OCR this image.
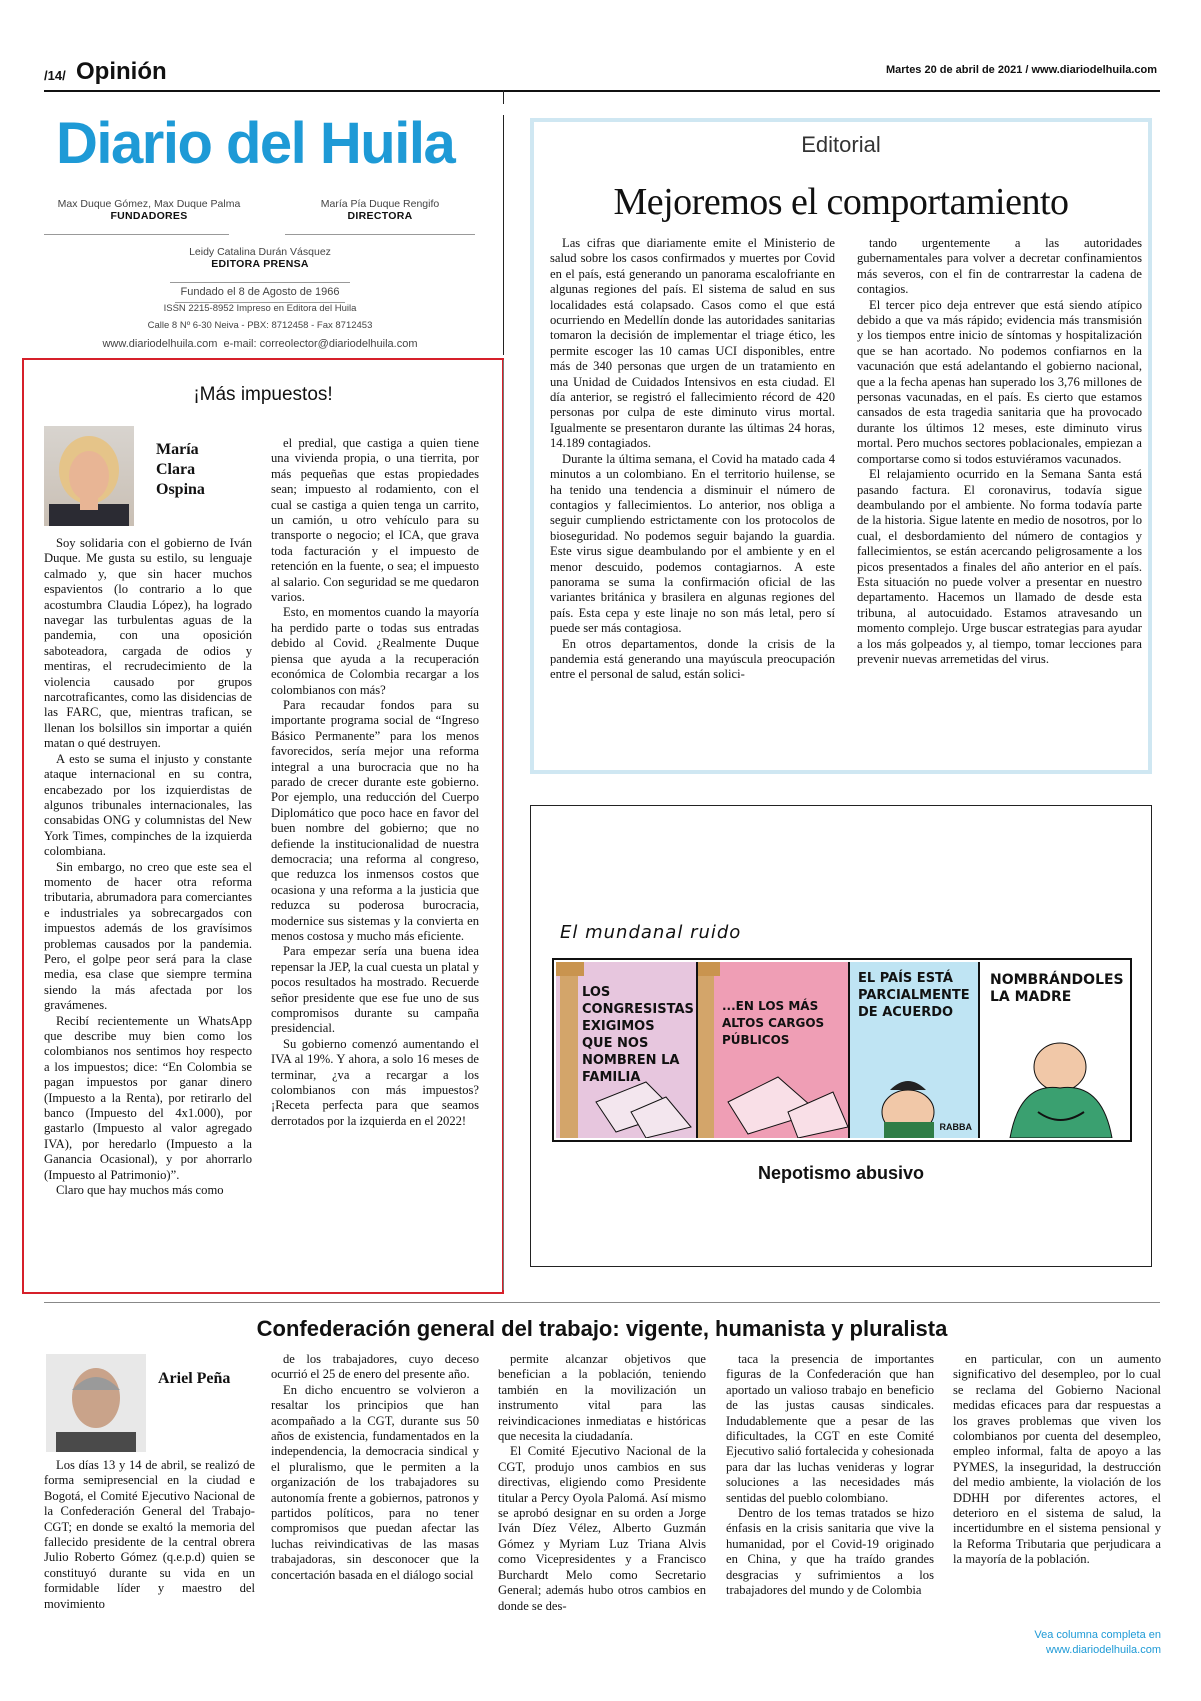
/14/ Opinión	Martes 20 de abril de 2021 / www.diariodelhuila.com
Diario del Huila
Max Duque Gómez, Max Duque Palma
FUNDADORES
María Pía Duque Rengifo
DIRECTORA
Leidy Catalina Durán Vásquez
EDITORA PRENSA
Fundado el 8 de Agosto de 1966
ISSN 2215-8952 Impreso en Editora del Huila
Calle 8 Nº 6-30 Neiva - PBX: 8712458 - Fax 8712453
www.diariodelhuila.com  e-mail: correolector@diariodelhuila.com
Editorial
Mejoremos el comportamiento

Las cifras que diariamente emite el Ministerio de salud sobre los casos confirmados y muertes por Covid en el país, está generando un panorama escalofriante en algunas regiones del país. El sistema de salud en sus localidades está colapsado. Casos como el que está ocurriendo en Medellín donde las autoridades sanitarias tomaron la decisión de implementar el triage ético, les permite escoger las 10 camas UCI disponibles, entre más de 340 personas que urgen de un tratamiento en una Unidad de Cuidados Intensivos en esta ciudad. El día anterior, se registró el fallecimiento récord de 420 personas por culpa de este diminuto virus mortal. Igualmente se presentaron durante las últimas 24 horas, 14.189 contagiados.

Durante la última semana, el Covid ha matado cada 4 minutos a un colombiano. En el territorio huilense, se ha tenido una tendencia a disminuir el número de contagios y fallecimientos. Lo anterior, nos obliga a seguir cumpliendo estrictamente con los protocolos de bioseguridad. No podemos seguir bajando la guardia. Este virus sigue deambulando por el ambiente y en el menor descuido, podemos contagiarnos. A este panorama se suma la confirmación oficial de las variantes británica y brasilera en algunas regiones del país. Esta cepa y este linaje no son más letal, pero sí puede ser más contagiosa.

En otros departamentos, donde la crisis de la pandemia está generando una mayúscula preocupación entre el personal de salud, están solici-

tando urgentemente a las autoridades gubernamentales para volver a decretar confinamientos más severos, con el fin de contrarrestar la cadena de contagios.

El tercer pico deja entrever que está siendo atípico debido a que va más rápido; evidencia más transmisión y los tiempos entre inicio de síntomas y hospitalización que se han acortado. No podemos confiarnos en la vacunación que está adelantando el gobierno nacional, que a la fecha apenas han superado los 3,76 millones de personas vacunadas, en el país. Es cierto que estamos cansados de esta tragedia sanitaria que ha provocado durante los últimos 12 meses, este diminuto virus mortal. Pero muchos sectores poblacionales, empiezan a comportarse como si todos estuviéramos vacunados.

El relajamiento ocurrido en la Semana Santa está pasando factura. El coronavirus, todavía sigue deambulando por el ambiente. No forma todavía parte de la historia. Sigue latente en medio de nosotros, por lo cual, el desbordamiento del número de contagios y fallecimientos, se están acercando peligrosamente a los picos presentados a finales del año anterior en el país. Esta situación no puede volver a presentar en nuestro departamento. Hacemos un llamado de desde esta tribuna, al autocuidado. Estamos atravesando un momento complejo. Urge buscar estrategias para ayudar a los más golpeados y, al tiempo, tomar lecciones para prevenir nuevas arremetidas del virus.

¡Más impuestos!
María Clara Ospina

Soy solidaria con el gobierno de Iván Duque. Me gusta su estilo, su lenguaje calmado y, que sin hacer muchos espavientos (lo contrario a lo que acostumbra Claudia López), ha logrado navegar las turbulentas aguas de la pandemia, con una oposición saboteadora, cargada de odios y mentiras, el recrudecimiento de la violencia causado por grupos narcotraficantes, como las disidencias de las FARC, que, mientras trafican, se llenan los bolsillos sin importar a quién matan o qué destruyen.

A esto se suma el injusto y constante ataque internacional en su contra, encabezado por los izquierdistas de algunos tribunales internacionales, las consabidas ONG y columnistas del New York Times, compinches de la izquierda colombiana.

Sin embargo, no creo que este sea el momento de hacer otra reforma tributaria, abrumadora para comerciantes e industriales ya sobrecargados con impuestos además de los gravísimos problemas causados por la pandemia. Pero, el golpe peor será para la clase media, esa clase que siempre termina siendo la más afectada por los gravámenes.

Recibí recientemente un WhatsApp que describe muy bien como los colombianos nos sentimos hoy respecto a los impuestos; dice: “En Colombia se pagan impuestos por ganar dinero (Impuesto a la Renta), por retirarlo del banco (Impuesto del 4x1.000), por gastarlo (Impuesto al valor agregado IVA), por heredarlo (Impuesto a la Ganancia Ocasional), y por ahorrarlo (Impuesto al Patrimonio)”.

Claro que hay muchos más como

el predial, que castiga a quien tiene una vivienda propia, o una tierrita, por más pequeñas que estas propiedades sean; impuesto al rodamiento, con el cual se castiga a quien tenga un carrito, un camión, u otro vehículo para su transporte o negocio; el ICA, que grava toda facturación y el impuesto de retención en la fuente, o sea; el impuesto al salario. Con seguridad se me quedaron varios.

Esto, en momentos cuando la mayoría ha perdido parte o todas sus entradas debido al Covid. ¿Realmente Duque piensa que ayuda a la recuperación económica de Colombia recargar a los colombianos con más?

Para recaudar fondos para su importante programa social de “Ingreso Básico Permanente” para los menos favorecidos, sería mejor una reforma integral a una burocracia que no ha parado de crecer durante este gobierno. Por ejemplo, una reducción del Cuerpo Diplomático que poco hace en favor del buen nombre del gobierno; que no defiende la institucionalidad de nuestra democracia; una reforma al congreso, que reduzca los inmensos costos que ocasiona y una reforma a la justicia que reduzca su poderosa burocracia, modernice sus sistemas y la convierta en menos costosa y mucho más eficiente.

Para empezar sería una buena idea repensar la JEP, la cual cuesta un platal y pocos resultados ha mostrado. Recuerde señor presidente que ese fue uno de sus compromisos durante su campaña presidencial.

Su gobierno comenzó aumentando el IVA al 19%. Y ahora, a solo 16 meses de terminar, ¿va a recargar a los colombianos con más impuestos? ¡Receta perfecta para que seamos derrotados por la izquierda en el 2022!

El mundanal ruido
LOS CONGRESISTAS EXIGIMOS QUE NOS NOMBREN LA FAMILIA
...EN LOS MÁS ALTOS CARGOS PÚBLICOS
EL PAÍS ESTÁ PARCIALMENTE DE ACUERDO
RABBA
NOMBRÁNDOLES LA MADRE
Nepotismo abusivo
Confederación general del trabajo: vigente, humanista y pluralista
Ariel Peña

Los días 13 y 14 de abril, se realizó de forma semipresencial en la ciudad e Bogotá, el Comité Ejecutivo Nacional de la Confederación General del Trabajo-CGT; en donde se exaltó la memoria del fallecido presidente de la central obrera Julio Roberto Gómez (q.e.p.d) quien se constituyó durante su vida en un formidable líder y maestro del movimiento

de los trabajadores, cuyo deceso ocurrió el 25 de enero del presente año.

En dicho encuentro se volvieron a resaltar los principios que han acompañado a la CGT, durante sus 50 años de existencia, fundamentados en la independencia, la democracia sindical y el pluralismo, que le permiten a la organización de los trabajadores su autonomía frente a gobiernos, patronos y partidos políticos, para no tener compromisos que puedan afectar las luchas reivindicativas de las masas trabajadoras, sin desconocer que la concertación basada en el diálogo social

permite alcanzar objetivos que benefician a la población, teniendo también en la movilización un instrumento vital para las reivindicaciones inmediatas e históricas que necesita la ciudadanía.

El Comité Ejecutivo Nacional de la CGT, produjo unos cambios en sus directivas, eligiendo como Presidente titular a Percy Oyola Palomá. Así mismo se aprobó designar en su orden a Jorge Iván Díez Vélez, Alberto Guzmán Gómez y Myriam Luz Triana Alvis como Vicepresidentes y a Francisco Burchardt Melo como Secretario General; además hubo otros cambios en donde se des-

taca la presencia de importantes figuras de la Confederación que han aportado un valioso trabajo en beneficio de las justas causas sindicales. Indudablemente que a pesar de las dificultades, la CGT en este Comité Ejecutivo salió fortalecida y cohesionada para dar las luchas venideras y lograr soluciones a las necesidades más sentidas del pueblo colombiano.

Dentro de los temas tratados se hizo énfasis en la crisis sanitaria que vive la humanidad, por el Covid-19 originado en China, y que ha traído grandes desgracias y sufrimientos a los trabajadores del mundo y de Colombia

en particular, con un aumento significativo del desempleo, por lo cual se reclama del Gobierno Nacional medidas eficaces para dar respuestas a los graves problemas que viven los colombianos por cuenta del desempleo, empleo informal, falta de apoyo a las PYMES, la inseguridad, la destrucción del medio ambiente, la violación de los DDHH por diferentes actores, el deterioro en el sistema de salud, la incertidumbre en el sistema pensional y la Reforma Tributaria que perjudicara a la mayoría de la población.

Vea columna completa en
www.diariodelhuila.com
